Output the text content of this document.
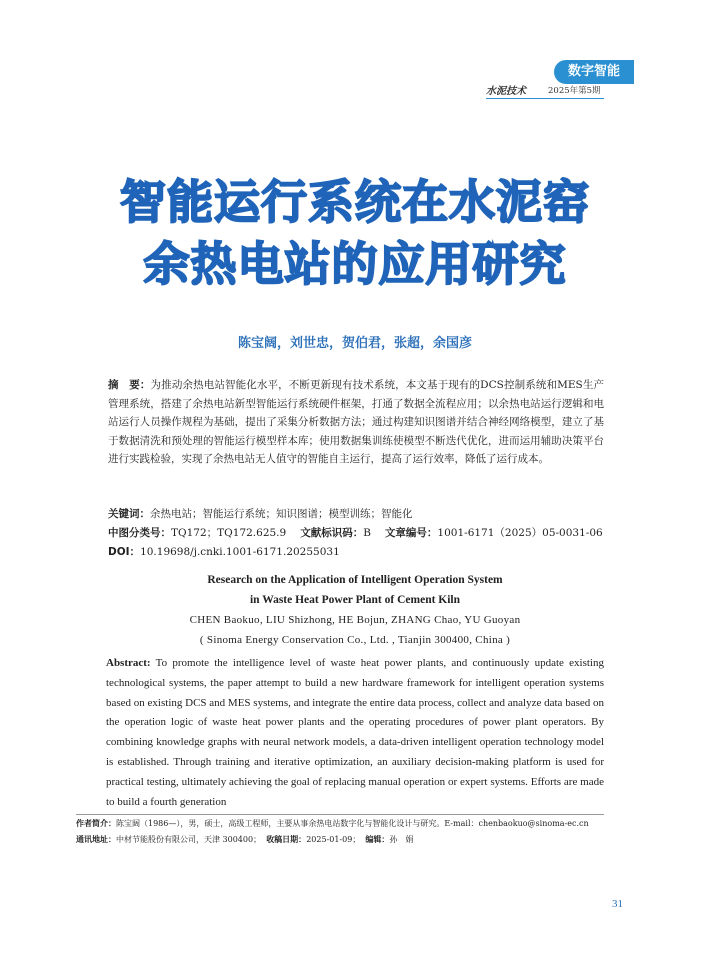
数字智能
水泥技术	2025年第5期
智能运行系统在水泥窑
余热电站的应用研究
陈宝阔，刘世忠，贺伯君，张超，余国彦
摘　要：为推动余热电站智能化水平，不断更新现有技术系统，本文基于现有的DCS控制系统和MES生产管理系统，搭建了余热电站新型智能运行系统硬件框架，打通了数据全流程应用；以余热电站运行逻辑和电站运行人员操作规程为基础，提出了采集分析数据方法；通过构建知识图谱并结合神经网络模型，建立了基于数据清洗和预处理的智能运行模型样本库；使用数据集训练使模型不断迭代优化，进而运用辅助决策平台进行实践检验，实现了余热电站无人值守的智能自主运行，提高了运行效率，降低了运行成本。
关键词：余热电站；智能运行系统；知识图谱；模型训练；智能化
中图分类号：TQ172；TQ172.625.9 文献标识码：B 文章编号：1001-6171（2025）05-0031-06
DOI：10.19698/j.cnki.1001-6171.20255031
Research on the Application of Intelligent Operation System
in Waste Heat Power Plant of Cement Kiln
CHEN Baokuo, LIU Shizhong, HE Bojun, ZHANG Chao, YU Guoyan
( Sinoma Energy Conservation Co., Ltd. , Tianjin 300400, China )
Abstract: To promote the intelligence level of waste heat power plants, and continuously update existing technological systems, the paper attempt to build a new hardware framework for intelligent operation systems based on existing DCS and MES systems, and integrate the entire data process, collect and analyze data based on the operation logic of waste heat power plants and the operating procedures of power plant operators. By combining knowledge graphs with neural network models, a data-driven intelligent operation technology model is established. Through training and iterative optimization, an auxiliary decision-making platform is used for practical testing, ultimately achieving the goal of replacing manual operation or expert systems. Efforts are made to build a fourth generation
作者简介：陈宝阔（1986—），男，硕士，高级工程师，主要从事余热电站数字化与智能化设计与研究。E-mail：chenbaokuo@sinoma-ec.cn
通讯地址：中材节能股份有限公司，天津 300400； 收稿日期：2025-01-09； 编辑：孙　娟
31
